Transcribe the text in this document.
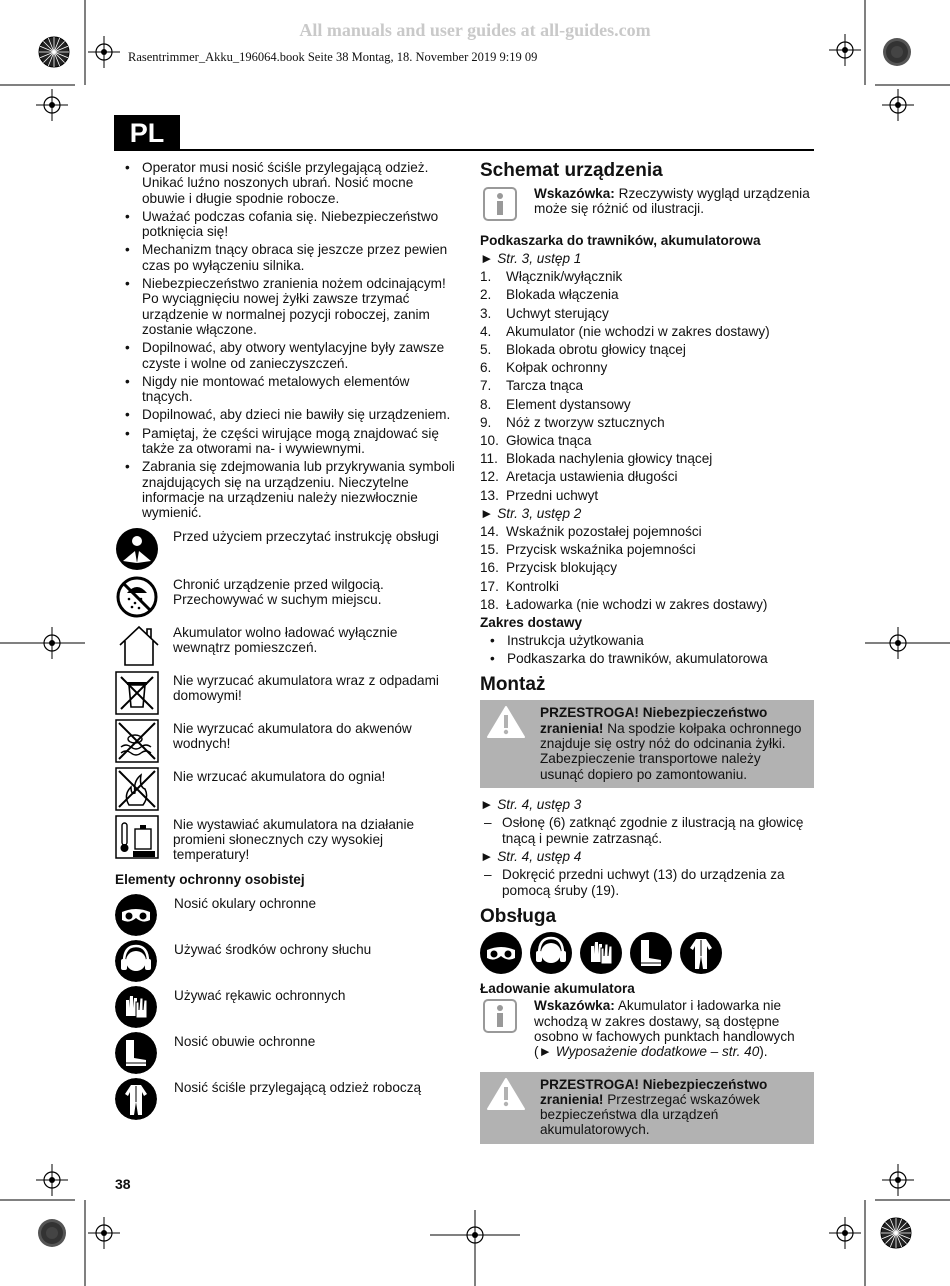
All manuals and user guides at all-guides.com
Rasentrimmer_Akku_196064.book Seite 38 Montag, 18. November 2019 9:19 09
PL
• Operator musi nosić ściśle przylegającą odzież. Unikać luźno noszonych ubrań. Nosić mocne obuwie i długie spodnie robocze.
• Uważać podczas cofania się. Niebezpieczeństwo potknięcia się!
• Mechanizm tnący obraca się jeszcze przez pewien czas po wyłączeniu silnika.
• Niebezpieczeństwo zranienia nożem odcinającym! Po wyciągnięciu nowej żyłki zawsze trzymać urządzenie w normalnej pozycji roboczej, zanim zostanie włączone.
• Dopilnować, aby otwory wentylacyjne były zawsze czyste i wolne od zanieczyszczeń.
• Nigdy nie montować metalowych elementów tnących.
• Dopilnować, aby dzieci nie bawiły się urządzeniem.
• Pamiętaj, że części wirujące mogą znajdować się także za otworami na- i wywiewnymi.
• Zabrania się zdejmowania lub przykrywania symboli znajdujących się na urządzeniu. Nieczytelne informacje na urządzeniu należy niezwłocznie wymienić.
Przed użyciem przeczytać instrukcję obsługi
Chronić urządzenie przed wilgocią. Przechowywać w suchym miejscu.
Akumulator wolno ładować wyłącznie wewnątrz pomieszczeń.
Nie wyrzucać akumulatora wraz z odpadami domowymi!
Nie wyrzucać akumulatora do akwenów wodnych!
Nie wrzucać akumulatora do ognia!
Nie wystawiać akumulatora na działanie promieni słonecznych czy wysokiej temperatury!
Elementy ochronny osobistej
Nosić okulary ochronne
Używać środków ochrony słuchu
Używać rękawic ochronnych
Nosić obuwie ochronne
Nosić ściśle przylegającą odzież roboczą
Schemat urządzenia
Wskazówka: Rzeczywisty wygląd urządzenia może się różnić od ilustracji.
Podkaszarka do trawników, akumulatorowa
► Str. 3, ustęp 1
1.	Włącznik/wyłącznik
2.	Blokada włączenia
3.	Uchwyt sterujący
4.	Akumulator (nie wchodzi w zakres dostawy)
5.	Blokada obrotu głowicy tnącej
6.	Kołpak ochronny
7.	Tarcza tnąca
8.	Element dystansowy
9.	Nóż z tworzyw sztucznych
10. Głowica tnąca
11. Blokada nachylenia głowicy tnącej
12. Aretacja ustawienia długości
13. Przedni uchwyt
► Str. 3, ustęp 2
14. Wskaźnik pozostałej pojemności
15. Przycisk wskaźnika pojemności
16. Przycisk blokujący
17. Kontrolki
18. Ładowarka (nie wchodzi w zakres dostawy)
Zakres dostawy
• Instrukcja użytkowania
• Podkaszarka do trawników, akumulatorowa
Montaż
PRZESTROGA! Niebezpieczeństwo zranienia! Na spodzie kołpaka ochronnego znajduje się ostry nóż do odcinania żyłki. Zabezpieczenie transportowe należy usunąć dopiero po zamontowaniu.
► Str. 4, ustęp 3
– Osłonę (6) zatknąć zgodnie z ilustracją na głowicę tnącą i pewnie zatrzasnąć.
► Str. 4, ustęp 4
– Dokręcić przedni uchwyt (13) do urządzenia za pomocą śruby (19).
Obsługa
Ładowanie akumulatora
Wskazówka: Akumulator i ładowarka nie wchodzą w zakres dostawy, są dostępne osobno w fachowych punktach handlowych (► Wyposażenie dodatkowe – str. 40).
PRZESTROGA! Niebezpieczeństwo zranienia! Przestrzegać wskazówek bezpieczeństwa dla urządzeń akumulatorowych.
38
